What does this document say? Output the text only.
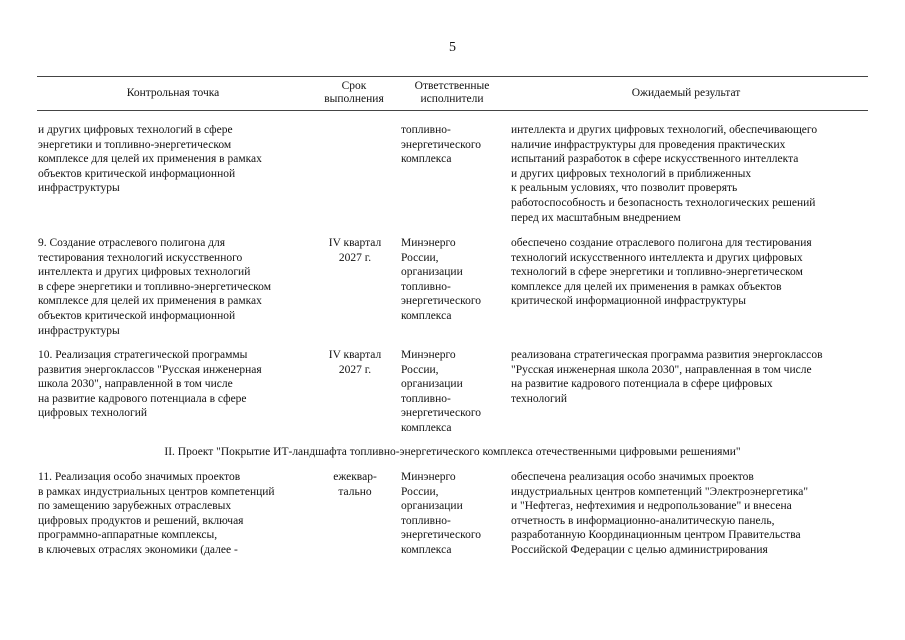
5
Контрольная точка
Срок
выполнения
Ответственные
исполнители	Ожидаемый результат
и других цифровых технологий в сфере
энергетики и топливно-энергетическом
комплексе для целей их применения в рамках
объектов критической информационной
инфраструктуры
топливно-
энергетического
комплекса
интеллекта и других цифровых технологий, обеспечивающего
наличие инфраструктуры для проведения практических
испытаний разработок в сфере искусственного интеллекта
и других цифровых технологий в приближенных
к реальным условиях, что позволит проверять
работоспособность и безопасность технологических решений
перед их масштабным внедрением
9. Создание отраслевого полигона для
тестирования технологий искусственного
интеллекта и других цифровых технологий
в сфере энергетики и топливно-энергетическом
комплексе для целей их применения в рамках
объектов критической информационной
инфраструктуры
IV квартал
2027 г.
Минэнерго
России,
организации
топливно-
энергетического
комплекса
обеспечено создание отраслевого полигона для тестирования
технологий искусственного интеллекта и других цифровых
технологий в сфере энергетики и топливно-энергетическом
комплексе для целей их применения в рамках объектов
критической информационной инфраструктуры
10. Реализация стратегической программы
развития энергоклассов "Русская инженерная
школа 2030", направленной в том числе
на развитие кадрового потенциала в сфере
цифровых технологий
IV квартал
2027 г.
Минэнерго
России,
организации
топливно-
энергетического
комплекса
реализована стратегическая программа развития энергоклассов
"Русская инженерная школа 2030", направленная в том числе
на развитие кадрового потенциала в сфере цифровых
технологий
II. Проект "Покрытие ИТ-ландшафта топливно-энергетического комплекса отечественными цифровыми решениями"
11. Реализация особо значимых проектов
в рамках индустриальных центров компетенций
по замещению зарубежных отраслевых
цифровых продуктов и решений, включая
программно-аппаратные комплексы,
в ключевых отраслях экономики (далее -
ежеквар-
тально
Минэнерго
России,
организации
топливно-
энергетического
комплекса
обеспечена реализация особо значимых проектов
индустриальных центров компетенций "Электроэнергетика"
и "Нефтегаз, нефтехимия и недропользование" и внесена
отчетность в информационно-аналитическую панель,
разработанную Координационным центром Правительства
Российской Федерации с целью администрирования
